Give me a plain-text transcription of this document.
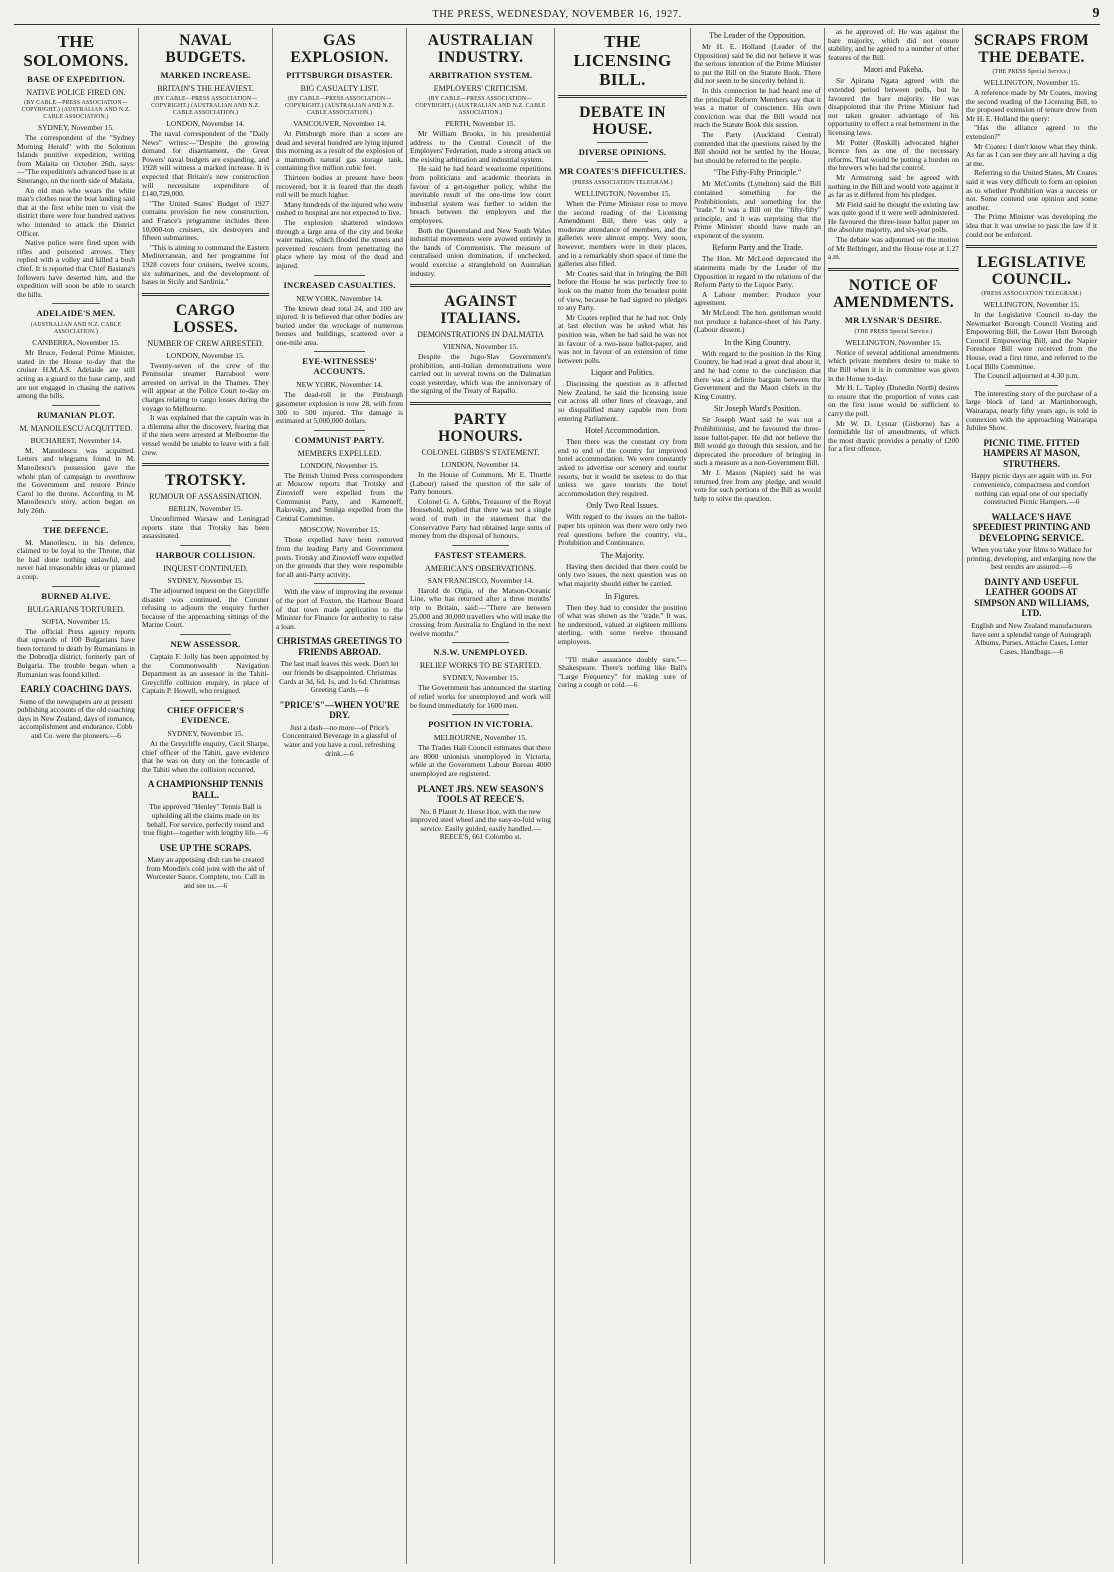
THE PRESS, WEDNESDAY, NOVEMBER 16, 1927.	9
THE SOLOMONS.
BASE OF EXPEDITION.
NATIVE POLICE FIRED ON.
(BY CABLE—PRESS ASSOCIATION—COPYRIGHT.) (AUSTRALIAN AND N.Z. CABLE ASSOCIATION.)
SYDNEY, November 15.

The correspondent of the "Sydney Morning Herald" with the Solomon Islands punitive expedition, writing from Malaita on October 26th, says:—"The expedition's advanced base is at Sinerango, on the north side of Malaita.

An old man who wears the white man's clothes near the boat landing said that at the first white men to visit the district there were four hundred natives who intended to attack the District Officer.

Native police were fired upon with rifles and poisoned arrows. They replied with a volley and killed a bush chief. It is reported that Chief Basiana's followers have deserted him, and the expedition will soon be able to search the hills.

ADELAIDE'S MEN.
(AUSTRALIAN AND N.Z. CABLE ASSOCIATION.)
CANBERRA, November 15.

Mr Bruce, Federal Prime Minister, stated in the House to-day that the cruiser H.M.A.S. Adelaide are still acting as a guard to the base camp, and are not engaged in chasing the natives among the hills.

RUMANIAN PLOT.
M. MANOILESCU ACQUITTED.
BUCHAREST, November 14.

M. Manoilescu was acquitted. Letters and telegrams found in M. Manoilescu's possession gave the whole plan of campaign to overthrow the Government and restore Prince Carol to the throne. According to M. Manoilescu's story, action began on July 26th.

THE DEFENCE.

M. Manoilescu, in his defence, claimed to be loyal to the Throne, that he had done nothing unlawful, and never had treasonable ideas or planned a coup.

BURNED ALIVE.
BULGARIANS TORTURED.
SOFIA, November 15.

The official Press agency reports that upwards of 100 Bulgarians have been tortured to death by Rumanians in the Dobrudja district, formerly part of Bulgaria. The trouble began when a Rumanian was found killed.

EARLY COACHING DAYS.

Some of the newspapers are at present publishing accounts of the old coaching days in New Zealand, days of romance, accomplishment and endurance. Cobb and Co. were the pioneers.—6

NAVAL BUDGETS.
MARKED INCREASE.
BRITAIN'S THE HEAVIEST.
(BY CABLE—PRESS ASSOCIATION—COPYRIGHT.) (AUSTRALIAN AND N.Z. CABLE ASSOCIATION.)
LONDON, November 14.

The naval correspondent of the "Daily News" writes:—"Despite the growing demand for disarmament, the Great Powers' naval budgets are expanding, and 1928 will witness a marked increase. It is expected that Britain's new construction will necessitate expenditure of £140,729,000.

"The United States' Budget of 1927 contains provision for new construction, and France's programme includes three 10,000-ton cruisers, six destroyers and fifteen submarines.

"This is aiming to command the Eastern Mediterranean, and her programme for 1928 covers four cruisers, twelve scouts, six submarines, and the development of bases in Sicily and Sardinia."

CARGO LOSSES.
NUMBER OF CREW ARRESTED.
LONDON, November 15.

Twenty-seven of the crew of the Peninsular steamer Barrabool were arrested on arrival in the Thames. They will appear at the Police Court to-day on charges relating to cargo losses during the voyage to Melbourne.

It was explained that the captain was in a dilemma after the discovery, fearing that if the men were arrested at Melbourne the vessel would be unable to leave with a full crew.

TROTSKY.
RUMOUR OF ASSASSINATION.
BERLIN, November 15.

Unconfirmed Warsaw and Leningrad reports state that Trotsky has been assassinated.

HARBOUR COLLISION.
INQUEST CONTINUED.
SYDNEY, November 15.

The adjourned inquest on the Greycliffe disaster was continued, the Coroner refusing to adjourn the enquiry further because of the approaching sittings of the Marine Court.

NEW ASSESSOR.

Captain F. Jolly has been appointed by the Commonwealth Navigation Department as an assessor in the Tahiti-Greycliffe collision enquiry, in place of Captain P. Howell, who resigned.

CHIEF OFFICER'S EVIDENCE.
SYDNEY, November 15.

At the Greycliffe enquiry, Cecil Sharpe, chief officer of the Tahiti, gave evidence that he was on duty on the forecastle of the Tahiti when the collision occurred.

A CHAMPIONSHIP TENNIS BALL.

The approved "Henley" Tennis Ball is upholding all the claims made on its behalf. For service, perfectly round and true flight—together with lengthy life.—6

USE UP THE SCRAPS.

Many an appetising dish can be created from Mondin's cold joint with the aid of Worcester Sauce. Complete, too. Call in and see us.—6

GAS EXPLOSION.
PITTSBURGH DISASTER.
BIG CASUALTY LIST.
(BY CABLE—PRESS ASSOCIATION—COPYRIGHT.) (AUSTRALIAN AND N.Z. CABLE ASSOCIATION.)
VANCOUVER, November 14.

At Pittsburgh more than a score are dead and several hundred are lying injured this morning as a result of the explosion of a mammoth natural gas storage tank, containing five million cubic feet.

Thirteen bodies at present have been recovered, but it is feared that the death roll will be much higher.

Many hundreds of the injured who were rushed to hospital are not expected to live.

The explosion shattered windows through a large area of the city and broke water mains, which flooded the streets and prevented rescuers from penetrating the place where lay most of the dead and injured.

INCREASED CASUALTIES.
NEW YORK, November 14.

The known dead total 24, and 100 are injured. It is believed that other bodies are buried under the wreckage of numerous houses and buildings, scattered over a one-mile area.

EYE-WITNESSES' ACCOUNTS.
NEW YORK, November 14.

The dead-roll in the Pittsburgh gasometer explosion is now 28, with from 300 to 500 injured. The damage is estimated at 5,000,000 dollars.

COMMUNIST PARTY.
MEMBERS EXPELLED.
LONDON, November 15.

The British United Press correspondent at Moscow reports that Trotsky and Zinovieff were expelled from the Communist Party, and Kameneff, Rakovsky, and Smilga expelled from the Central Committee.

MOSCOW, November 15.

Those expelled have been removed from the leading Party and Government posts. Trotsky and Zinovieff were expelled on the grounds that they were responsible for all anti-Party activity.

With the view of improving the revenue of the port of Foxton, the Harbour Board of that town made application to the Minister for Finance for authority to raise a loan.

CHRISTMAS GREETINGS TO FRIENDS ABROAD.

The last mail leaves this week. Don't let our friends be disappointed. Christmas Cards at 3d, 6d, 1s, and 1s 6d. Christmas Greeting Cards.—6

"PRICE'S"—WHEN YOU'RE DRY.

Just a dash—no more—of Price's Concentrated Beverage in a glassful of water and you have a cool, refreshing drink.—6

AUSTRALIAN INDUSTRY.
ARBITRATION SYSTEM.
EMPLOYERS' CRITICISM.
(BY CABLE—PRESS ASSOCIATION—COPYRIGHT.) (AUSTRALIAN AND N.Z. CABLE ASSOCIATION.)
PERTH, November 15.

Mr William Brooks, in his presidential address to the Central Council of the Employers' Federation, made a strong attack on the existing arbitration and industrial system.

He said he had heard wearisome repetitions from politicians and academic theorists in favour of a get-together policy, whilst the inevitable result of the one-time low court industrial system was further to widen the breach between the employers and the employees.

Both the Queensland and New South Wales industrial movements were avowed entirely in the hands of Communists. The measure of centralised union domination, if unchecked, would exercise a stranglehold on Australian industry.

AGAINST ITALIANS.
DEMONSTRATIONS IN DALMATIA
VIENNA, November 15.

Despite the Jugo-Slav Government's prohibition, anti-Italian demonstrations were carried out in several towns on the Dalmatian coast yesterday, which was the anniversary of the signing of the Treaty of Rapallo.

PARTY HONOURS.
COLONEL GIBBS'S STATEMENT.
LONDON, November 14.

In the House of Commons, Mr E. Thurtle (Labour) raised the question of the sale of Party honours.

Colonel G. A. Gibbs, Treasurer of the Royal Household, replied that there was not a single word of truth in the statement that the Conservative Party had obtained large sums of money from the disposal of honours.

FASTEST STEAMERS.
AMERICAN'S OBSERVATIONS.
SAN FRANCISCO, November 14.

Harold de Olgia, of the Matson-Oceanic Line, who has returned after a three months' trip to Britain, said:—"There are between 25,000 and 30,000 travellers who will make the crossing from Australia to England in the next twelve months."

N.S.W. UNEMPLOYED.
RELIEF WORKS TO BE STARTED.
SYDNEY, November 15.

The Government has announced the starting of relief works for unemployed and work will be found immediately for 1600 men.

POSITION IN VICTORIA.
MELBOURNE, November 15.

The Trades Hall Council estimates that there are 8000 unionists unemployed in Victoria, while at the Government Labour Bureau 4000 unemployed are registered.

PLANET JRS. NEW SEASON'S TOOLS AT REECE'S.

No. 8 Planet Jr. Horse Hoe, with the new improved steel wheel and the easy-to-fold wing service. Easily guided, easily handled.—REECE'S, 661 Colombo st.

THE LICENSING BILL.
DEBATE IN HOUSE.
DIVERSE OPINIONS.
MR COATES'S DIFFICULTIES.
(PRESS ASSOCIATION TELEGRAM.)
WELLINGTON, November 15.

When the Prime Minister rose to move the second reading of the Licensing Amendment Bill, there was only a moderate attendance of members, and the galleries were almost empty. Very soon, however, members were in their places, and in a remarkably short space of time the galleries also filled.

Mr Coates said that in bringing the Bill before the House he was perfectly free to look on the matter from the broadest point of view, because he had signed no pledges to any Party.

Mr Coates replied that he had not. Only at last election was he asked what his position was, when he had said he was not in favour of a two-issue ballot-paper, and was not in favour of an extension of time between polls.

Liquor and Politics.

Discussing the question as it affected New Zealand, he said the licensing issue cut across all other lines of cleavage, and so disqualified many capable men from entering Parliament.

Hotel Accommodation.

Then there was the constant cry from end to end of the country for improved hotel accommodation. We were constantly asked to advertise our scenery and tourist resorts, but it would be useless to do that unless we gave tourists the hotel accommodation they required.

Only Two Real Issues.

With regard to the issues on the ballot-paper his opinion was there were only two real questions before the country, viz., Prohibition and Continuance.

The Majority.

Having then decided that there could be only two issues, the next question was on what majority should either be carried.

In Figures.

Then they had to consider the position of what was shown as the "trade." It was, he understood, valued at eighteen millions sterling, with some twelve thousand employees.

"I'll make assurance doubly sure."—Shakespeare. There's nothing like Ball's "Large Frequency" for making sure of curing a cough or cold.—6

The Leader of the Opposition.

Mr H. E. Holland (Leader of the Opposition) said he did not believe it was the serious intention of the Prime Minister to put the Bill on the Statute Book. There did not seem to be sincerity behind it.

In this connection he had heard one of the principal Reform Members say that it was a matter of conscience. His own conviction was that the Bill would not reach the Statute Book this session.

The Party (Auckland Central) contended that the questions raised by the Bill should not be settled by the House, but should be referred to the people.

"The Fifty-Fifty Principle."

Mr McCombs (Lyttelton) said the Bill contained something for the Prohibitionists, and something for the "trade." It was a Bill on the "fifty-fifty" principle, and it was surprising that the Prime Minister should have made an exponent of the system.

Reform Party and the Trade.

The Hon. Mr McLeod deprecated the statements made by the Leader of the Opposition in regard to the relations of the Reform Party to the Liquor Party.

A Labour member: Produce your agreement.

Mr McLeod: The hon. gentleman would not produce a balance-sheet of his Party. (Labour dissent.)

In the King Country.

With regard to the position in the King Country, he had read a great deal about it, and he had come to the conclusion that there was a definite bargain between the Government and the Maori chiefs in the King Country.

Sir Joseph Ward's Position.

Sir Joseph Ward said he was not a Prohibitionist, and he favoured the three-issue ballot-paper. He did not believe the Bill would go through this session, and he deprecated the procedure of bringing in such a measure as a non-Government Bill.

Mr J. Mason (Napier) said he was returned free from any pledge, and would vote for such portions of the Bill as would help to solve the question.

as he approved of. He was against the bare majority, which did not ensure stability, and he agreed to a number of other features of the Bill.

Maori and Pakeha.

Sir Apirana Ngata agreed with the extended period between polls, but he favoured the bare majority. He was disappointed that the Prime Minister had not taken greater advantage of his opportunity to effect a real betterment in the licensing laws.

Mr Potter (Roskill) advocated higher licence fees as one of the necessary reforms. That would be putting a burden on the brewers who had the control.

Mr Armstrong said he agreed with nothing in the Bill and would vote against it as far as it differed from his pledges.

Mr Field said he thought the existing law was quite good if it were well administered. He favoured the three-issue ballot paper on the absolute majority, and six-year polls.

The debate was adjourned on the motion of Mr Bellringer, and the House rose at 1.27 a.m.

NOTICE OF AMENDMENTS.
MR LYSNAR'S DESIRE.
(THE PRESS Special Service.)
WELLINGTON, November 15.

Notice of several additional amendments which private members desire to make to the Bill when it is in committee was given in the House to-day.

Mr H. L. Tapley (Dunedin North) desires to ensure that the proportion of votes cast on the first issue would be sufficient to carry the poll.

Mr W. D. Lysnar (Gisborne) has a formidable list of amendments, of which the most drastic provides a penalty of £200 for a first offence.

SCRAPS FROM THE DEBATE.
(THE PRESS Special Service.)
WELLINGTON, November 15.

A reference made by Mr Coates, moving the second reading of the Licensing Bill, to the proposed extension of tenure drew from Mr H. E. Holland the query:

"Has the alliance agreed to the extension?"

Mr Coates: I don't know what they think. As far as I can see they are all having a dig at me.

Referring to the United States, Mr Coates said it was very difficult to form an opinion as to whether Prohibition was a success or not. Some contend one opinion and some another.

The Prime Minister was developing the idea that it was unwise to pass the law if it could not be enforced.

LEGISLATIVE COUNCIL.
(PRESS ASSOCIATION TELEGRAM.)
WELLINGTON, November 15.

In the Legislative Council to-day the Newmarket Borough Council Vesting and Empowering Bill, the Lower Hutt Borough Council Empowering Bill, and the Napier Foreshore Bill were received from the House, read a first time, and referred to the Local Bills Committee.

The Council adjourned at 4.30 p.m.

The interesting story of the purchase of a large block of land at Martinborough, Wairarapa, nearly fifty years ago, is told in connexion with the approaching Wairarapa Jubilee Show.

PICNIC TIME. FITTED HAMPERS AT MASON, STRUTHERS.

Happy picnic days are again with us. For convenience, compactness and comfort nothing can equal one of our specially constructed Picnic Hampers.—6

WALLACE'S HAVE SPEEDIEST PRINTING AND DEVELOPING SERVICE.

When you take your films to Wallace for printing, developing, and enlarging now the best results are assured.—6

DAINTY AND USEFUL LEATHER GOODS AT SIMPSON AND WILLIAMS, LTD.

English and New Zealand manufacturers have sent a splendid range of Autograph Albums, Purses, Attache Cases, Letter Cases, Handbags.—6
